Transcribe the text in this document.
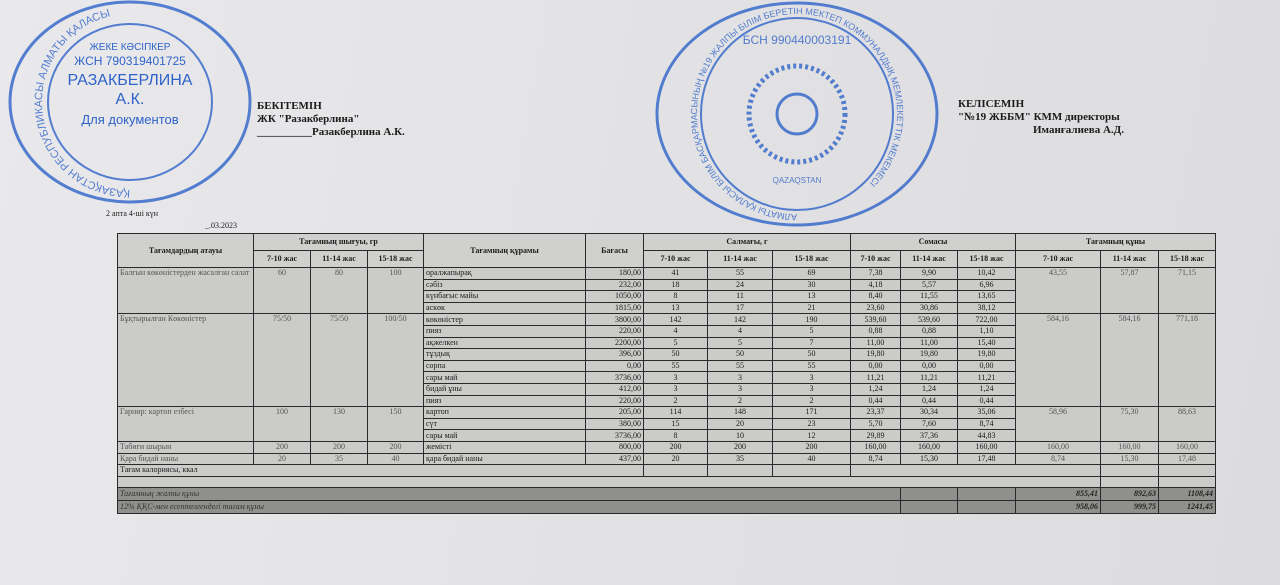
ҚАЗАҚСТАН РЕСПУБЛИКАСЫ АЛМАТЫ ҚАЛАСЫ
ЖЕКЕ КӘСІПКЕР
ЖСН 790319401725
РАЗАКБЕРЛИНА А.К.
Для документов
АЛМАТЫ ҚАЛАСЫ БІЛІМ БАСҚАРМАСЫНЫҢ №19 ЖАЛПЫ БІЛІМ БЕРЕТІН МЕКТЕП КОММУНАЛДЫҚ МЕМЛЕКЕТТІК МЕКЕМЕСІ
БСН 990440003191
QAZAQSTAN
БЕКІТЕМІН
ЖК "Разакберлина"
__________Разакберлина А.К.
КЕЛІСЕМІН
"№19 ЖББМ" КММ директоры
Иманғалиева А.Д.
2 апта 4-ші күн
_.03.2023
Тағамдардың атауы	Тағамның шығуы, гр			Тағамның құрамы	Бағасы	Салмағы, г			Сомасы			Тағамның құны		
	7-10 жас	11-14 жас	15-18 жас			7-10 жас	11-14 жас	15-18 жас	7-10 жас	11-14 жас	15-18 жас	7-10 жас	11-14 жас	15-18 жас
Балғын көкөністерден жасалған салат	60	80	100	оралжапырақ	180,00	41	55	69	7,38	9,90	10,42	43,55	57,87	71,15
				сәбіз	232,00	18	24	30	4,18	5,57	6,96			
				күнбағыс майы	1050,00	8	11	13	8,40	11,55	13,65			
				аскөк	1815,00	13	17	21	23,60	30,86	38,12			
Бұқтырылған Көкөністер	75/50	75/50	100/50	көкөністер	3800,00	142	142	190	539,60	539,60	722,00	584,16	584,16	771,18
				пияз	220,00	4	4	5	0,88	0,88	1,10			
				ақжелкен	2200,00	5	5	7	11,00	11,00	15,40			
				тұздық	396,00	50	50	50	19,80	19,80	19,80			
				сорпа	0,00	55	55	55	0,00	0,00	0,00			
				сары май	3736,00	3	3	3	11,21	11,21	11,21			
				бидай ұны	412,00	3	3	3	1,24	1,24	1,24			
				пияз	220,00	2	2	2	0,44	0,44	0,44			
Гарнир: картоп езбесі	100	130	150	картоп	205,00	114	148	171	23,37	30,34	35,06	58,96	75,30	88,63
				сүт	380,00	15	20	23	5,70	7,60	8,74			
				сары май	3736,00	8	10	12	29,89	37,36	44,83			
Табиғи шырын	200	200	200	жемісті	800,00	200	200	200	160,00	160,00	160,00	160,00	160,00	160,00
Қара бидай наны	20	35	40	қара бидай наны	437,00	20	35	40	8,74	15,30	17,48	8,74	15,30	17,48
Тағам калориясы, ккал														

Тағамның жалпы құны												855,41	892,63	1108,44
12% ҚҚС-мен есептелгендегі тағам құны												958,06	999,75	1241,45
